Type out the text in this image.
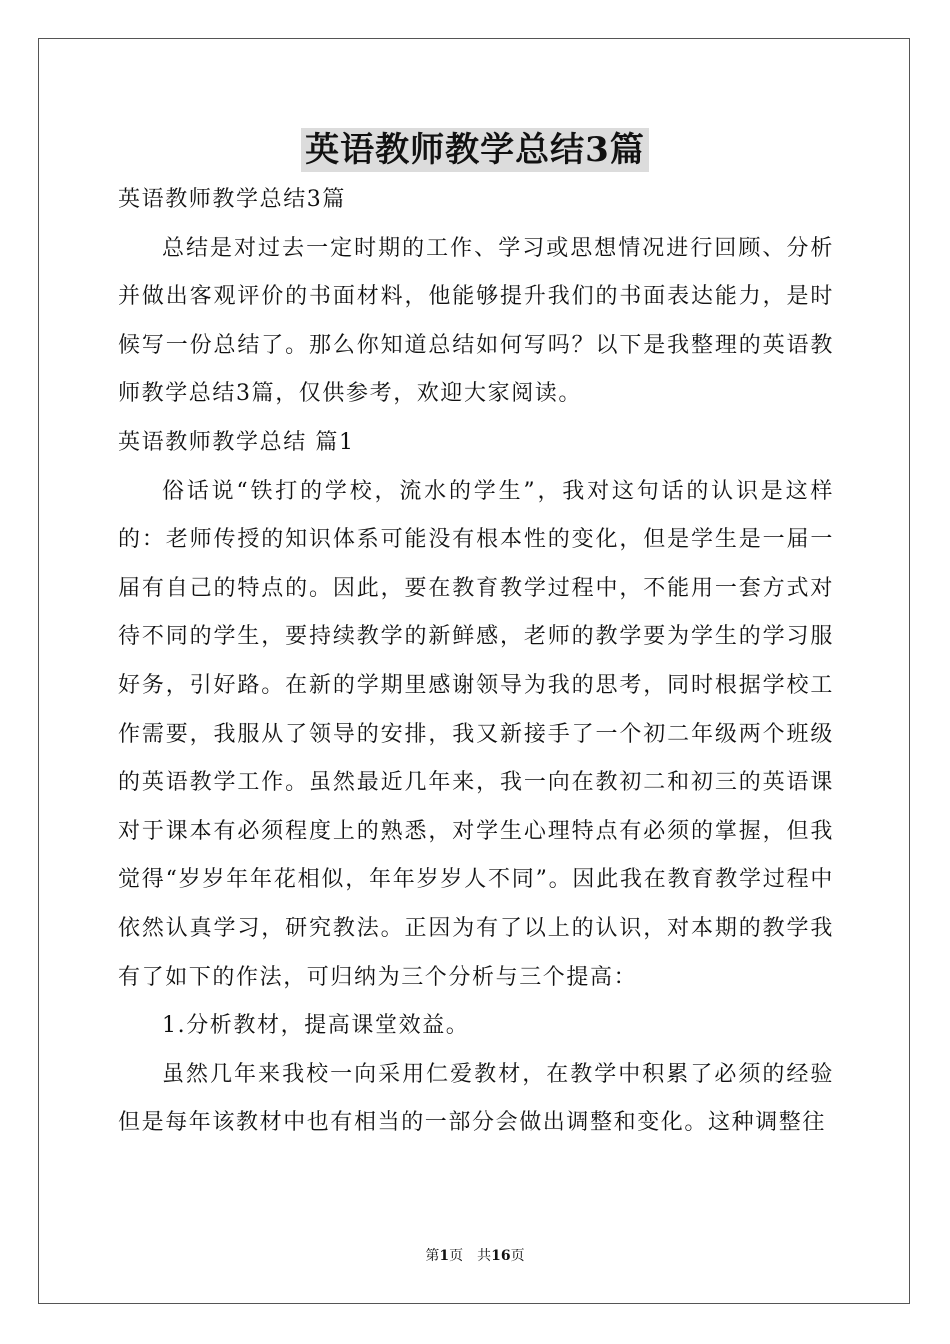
英语教师教学总结3篇

英语教师教学总结3篇

总结是对过去一定时期的工作、学习或思想情况进行回顾、分析并做出客观评价的书面材料，他能够提升我们的书面表达能力，是时候写一份总结了。那么你知道总结如何写吗？以下是我整理的英语教师教学总结3篇，仅供参考，欢迎大家阅读。

英语教师教学总结 篇1

俗话说“铁打的学校，流水的学生”，我对这句话的认识是这样的：老师传授的知识体系可能没有根本性的变化，但是学生是一届一届有自己的特点的。因此，要在教育教学过程中，不能用一套方式对待不同的学生，要持续教学的新鲜感，老师的教学要为学生的学习服好务，引好路。在新的学期里感谢领导为我的思考，同时根据学校工作需要，我服从了领导的安排，我又新接手了一个初二年级两个班级的英语教学工作。虽然最近几年来，我一向在教初二和初三的英语课对于课本有必须程度上的熟悉，对学生心理特点有必须的掌握，但我觉得“岁岁年年花相似，年年岁岁人不同”。因此我在教育教学过程中依然认真学习，研究教法。正因为有了以上的认识，对本期的教学我有了如下的作法，可归纳为三个分析与三个提高：

1.分析教材，提高课堂效益。

虽然几年来我校一向采用仁爱教材，在教学中积累了必须的经验但是每年该教材中也有相当的一部分会做出调整和变化。这种调整往

第1页　共16页
